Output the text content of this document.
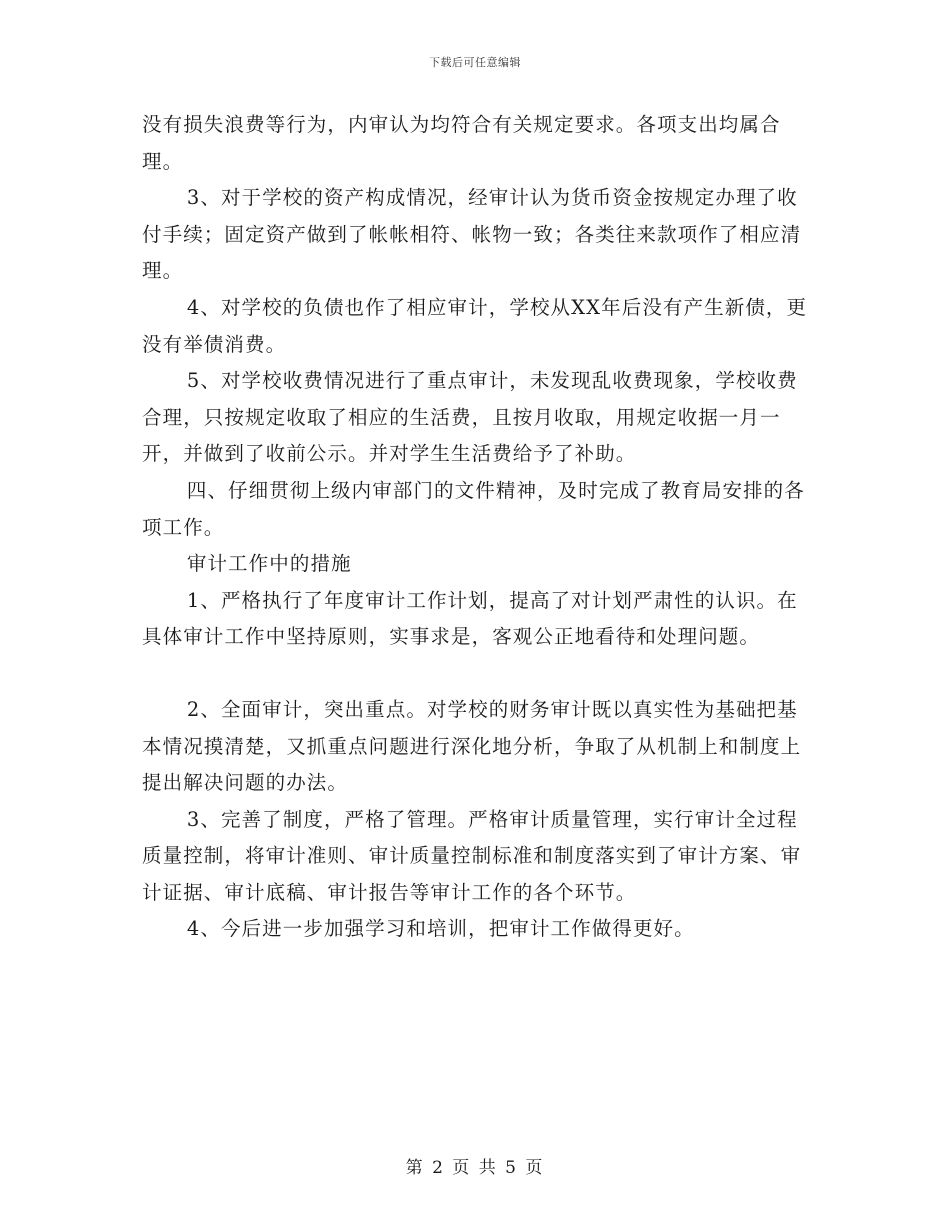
下载后可任意编辑

没有损失浪费等行为，内审认为均符合有关规定要求。各项支出均属合理。

3、对于学校的资产构成情况，经审计认为货币资金按规定办理了收付手续；固定资产做到了帐帐相符、帐物一致；各类往来款项作了相应清理。

4、对学校的负债也作了相应审计，学校从XX年后没有产生新债，更没有举债消费。

5、对学校收费情况进行了重点审计，未发现乱收费现象，学校收费合理，只按规定收取了相应的生活费，且按月收取，用规定收据一月一开，并做到了收前公示。并对学生生活费给予了补助。

四、仔细贯彻上级内审部门的文件精神，及时完成了教育局安排的各项工作。

审计工作中的措施

1、严格执行了年度审计工作计划，提高了对计划严肃性的认识。在具体审计工作中坚持原则，实事求是，客观公正地看待和处理问题。

2、全面审计，突出重点。对学校的财务审计既以真实性为基础把基本情况摸清楚，又抓重点问题进行深化地分析，争取了从机制上和制度上提出解决问题的办法。

3、完善了制度，严格了管理。严格审计质量管理，实行审计全过程质量控制，将审计准则、审计质量控制标准和制度落实到了审计方案、审计证据、审计底稿、审计报告等审计工作的各个环节。

4、今后进一步加强学习和培训，把审计工作做得更好。

第 2 页 共 5 页
